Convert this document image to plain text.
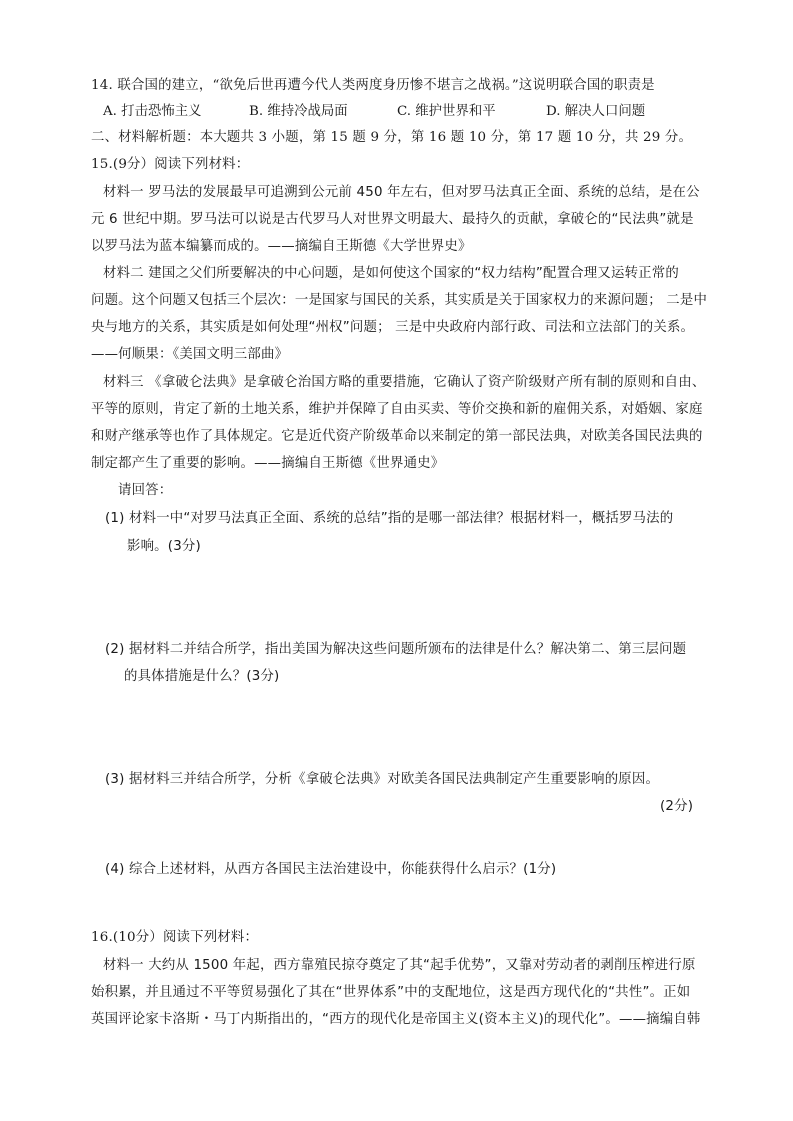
14. 联合国的建立，“欲免后世再遭今代人类两度身历惨不堪言之战祸。”这说明联合国的职责是
A. 打击恐怖主义	B. 维持冷战局面	C. 维护世界和平	D. 解决人口问题
二、材料解析题：本大题共 3 小题，第 15 题 9 分，第 16 题 10 分，第 17 题 10 分，共 29 分。
15.(9分）阅读下列材料：
材料一 罗马法的发展最早可追溯到公元前 450 年左右，但对罗马法真正全面、系统的总结，是在公
元 6 世纪中期。罗马法可以说是古代罗马人对世界文明最大、最持久的贡献，拿破仑的“民法典”就是
以罗马法为蓝本编纂而成的。——摘编自王斯德《大学世界史》
材料二 建国之父们所要解决的中心问题，是如何使这个国家的“权力结构”配置合理又运转正常的
问题。这个问题又包括三个层次：一是国家与国民的关系，其实质是关于国家权力的来源问题； 二是中
央与地方的关系，其实质是如何处理“州权”问题； 三是中央政府内部行政、司法和立法部门的关系。
——何顺果：《美国文明三部曲》
材料三 《拿破仑法典》是拿破仑治国方略的重要措施，它确认了资产阶级财产所有制的原则和自由、
平等的原则，肯定了新的土地关系，维护并保障了自由买卖、等价交换和新的雇佣关系，对婚姻、家庭
和财产继承等也作了具体规定。它是近代资产阶级革命以来制定的第一部民法典，对欧美各国民法典的
制定都产生了重要的影响。——摘编自王斯德《世界通史》
请回答：
(1) 材料一中“对罗马法真正全面、系统的总结”指的是哪一部法律？根据材料一，概括罗马法的
影响。(3分)
(2) 据材料二并结合所学，指出美国为解决这些问题所颁布的法律是什么？解决第二、第三层问题
的具体措施是什么？(3分)
(3) 据材料三并结合所学，分析《拿破仑法典》对欧美各国民法典制定产生重要影响的原因。
(2分)
(4) 综合上述材料，从西方各国民主法治建设中，你能获得什么启示？(1分)
16.(10分）阅读下列材料：
材料一 大约从 1500 年起，西方靠殖民掠夺奠定了其“起手优势”，又靠对劳动者的剥削压榨进行原
始积累，并且通过不平等贸易强化了其在“世界体系”中的支配地位，这是西方现代化的“共性”。正如
英国评论家卡洛斯・马丁内斯指出的，“西方的现代化是帝国主义(资本主义)的现代化”。——摘编自韩
